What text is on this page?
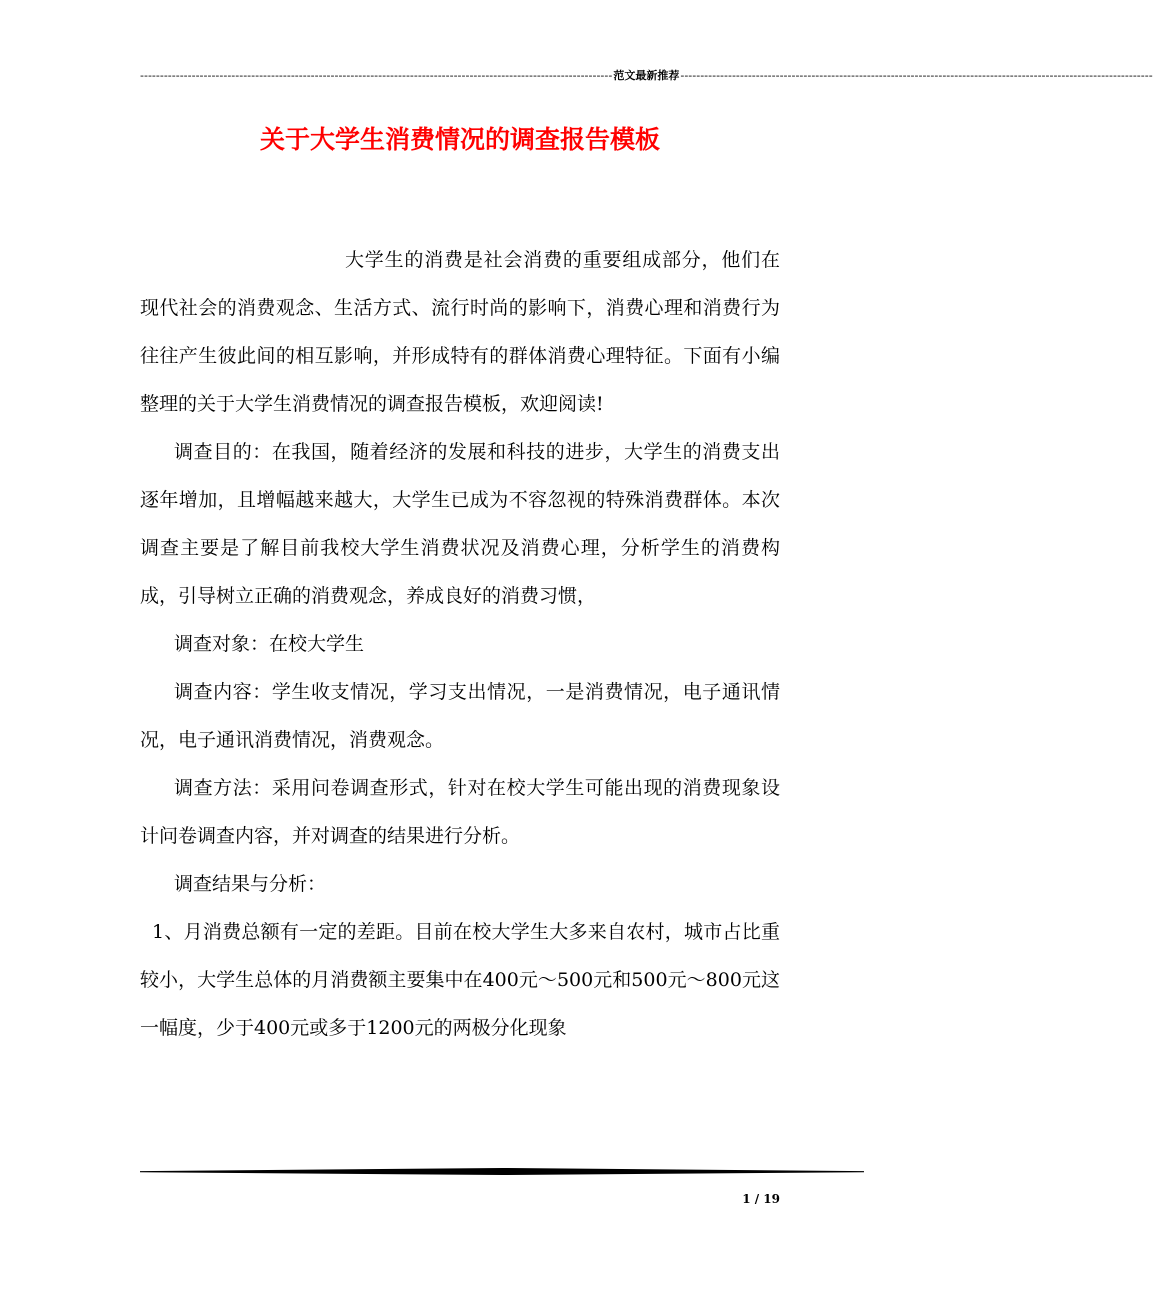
----------------------------------------------------------------------------------------------------------------------- 范文最新推荐 -----------------------------------------------------------------------------------------------------------------------
关于大学生消费情况的调查报告模板

大学生的消费是社会消费的重要组成部分，他们在现代社会的消费观念、生活方式、流行时尚的影响下，消费心理和消费行为往往产生彼此间的相互影响，并形成特有的群体消费心理特征。下面有小编整理的关于大学生消费情况的调查报告模板，欢迎阅读!

调查目的：在我国，随着经济的发展和科技的进步，大学生的消费支出逐年增加，且增幅越来越大，大学生已成为不容忽视的特殊消费群体。本次调查主要是了解目前我校大学生消费状况及消费心理，分析学生的消费构成，引导树立正确的消费观念，养成良好的消费习惯，

调查对象：在校大学生

调查内容：学生收支情况，学习支出情况，一是消费情况，电子通讯情况，电子通讯消费情况，消费观念。

调查方法：采用问卷调查形式，针对在校大学生可能出现的消费现象设计问卷调查内容，并对调查的结果进行分析。

调查结果与分析：

1、月消费总额有一定的差距。目前在校大学生大多来自农村，城市占比重较小，大学生总体的月消费额主要集中在400元～500元和500元～800元这一幅度，少于400元或多于1200元的两极分化现象

1 / 19
